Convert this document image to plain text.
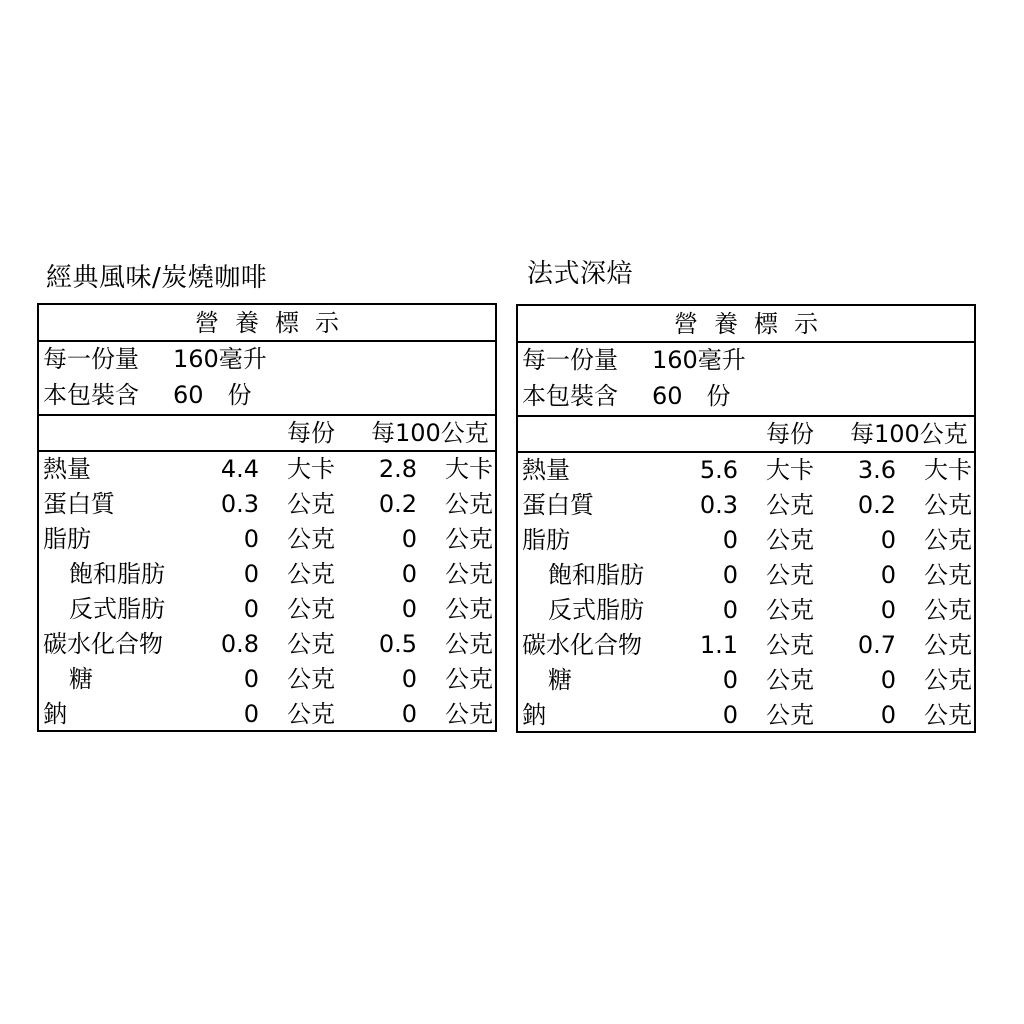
經典風味/炭燒咖啡
營養標示
每一份量 160毫升
本包裝含 60　份
每份 每100公克
熱量	4.4 大卡	2.8 大卡
蛋白質	0.3 公克	0.2 公克
脂肪	0 公克	0 公克
飽和脂肪	0 公克	0 公克
反式脂肪	0 公克	0 公克
碳水化合物	0.8 公克	0.5 公克
糖	0 公克	0 公克
鈉	0 公克	0 公克
法式深焙
營養標示
每一份量 160毫升
本包裝含 60　份
每份 每100公克
熱量	5.6 大卡	3.6 大卡
蛋白質	0.3 公克	0.2 公克
脂肪	0 公克	0 公克
飽和脂肪	0 公克	0 公克
反式脂肪	0 公克	0 公克
碳水化合物	1.1 公克	0.7 公克
糖	0 公克	0 公克
鈉	0 公克	0 公克
